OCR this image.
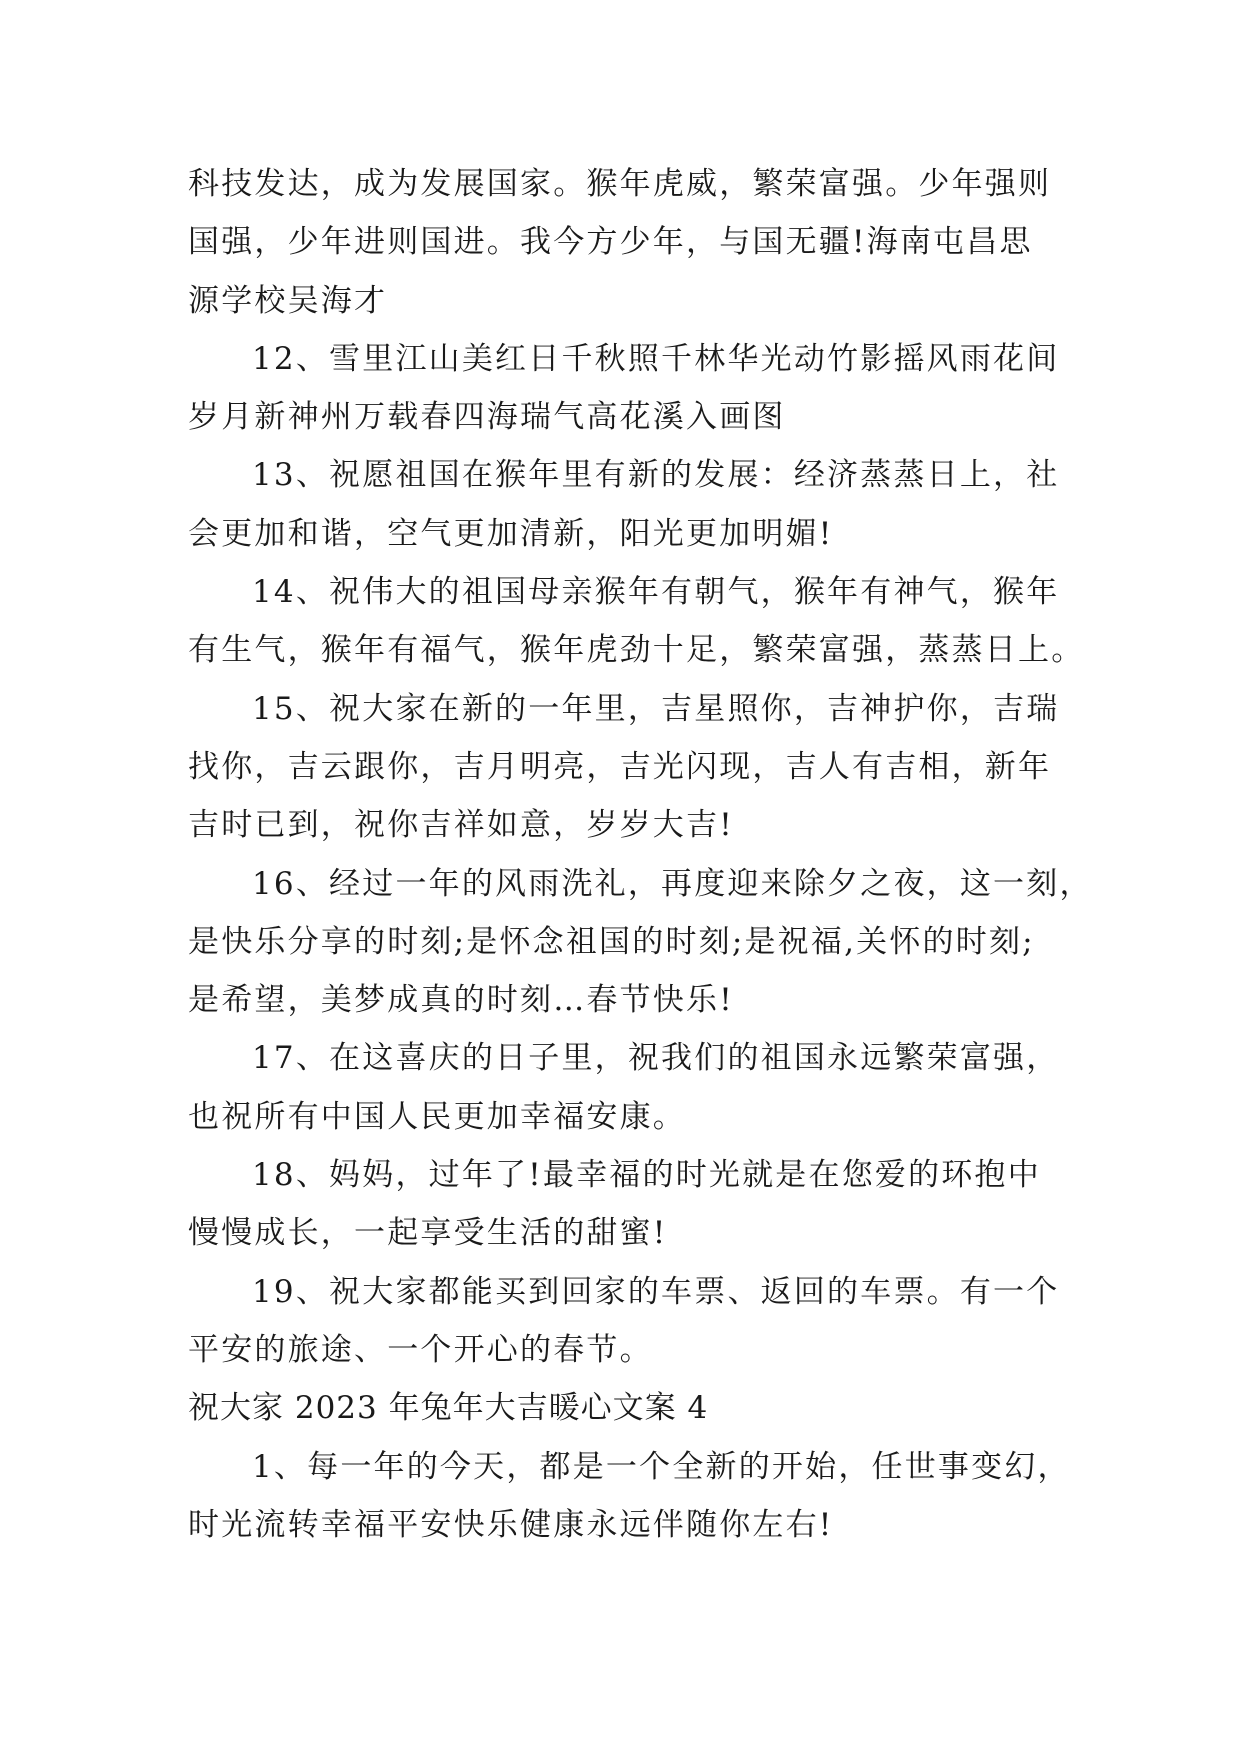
科技发达，成为发展国家。猴年虎威，繁荣富强。少年强则
国强，少年进则国进。我今方少年，与国无疆!海南屯昌思
源学校吴海才
12、雪里江山美红日千秋照千林华光动竹影摇风雨花间
岁月新神州万载春四海瑞气高花溪入画图
13、祝愿祖国在猴年里有新的发展：经济蒸蒸日上，社
会更加和谐，空气更加清新，阳光更加明媚!
14、祝伟大的祖国母亲猴年有朝气，猴年有神气，猴年
有生气，猴年有福气，猴年虎劲十足，繁荣富强，蒸蒸日上。
15、祝大家在新的一年里，吉星照你，吉神护你，吉瑞
找你，吉云跟你，吉月明亮，吉光闪现，吉人有吉相，新年
吉时已到，祝你吉祥如意，岁岁大吉!
16、经过一年的风雨洗礼，再度迎来除夕之夜，这一刻，
是快乐分享的时刻;是怀念祖国的时刻;是祝福,关怀的时刻;
是希望，美梦成真的时刻…春节快乐!
17、在这喜庆的日子里，祝我们的祖国永远繁荣富强，
也祝所有中国人民更加幸福安康。
18、妈妈，过年了!最幸福的时光就是在您爱的环抱中
慢慢成长，一起享受生活的甜蜜!
19、祝大家都能买到回家的车票、返回的车票。有一个
平安的旅途、一个开心的春节。
祝大家 2023 年兔年大吉暖心文案 4
1、每一年的今天，都是一个全新的开始，任世事变幻，
时光流转幸福平安快乐健康永远伴随你左右!
